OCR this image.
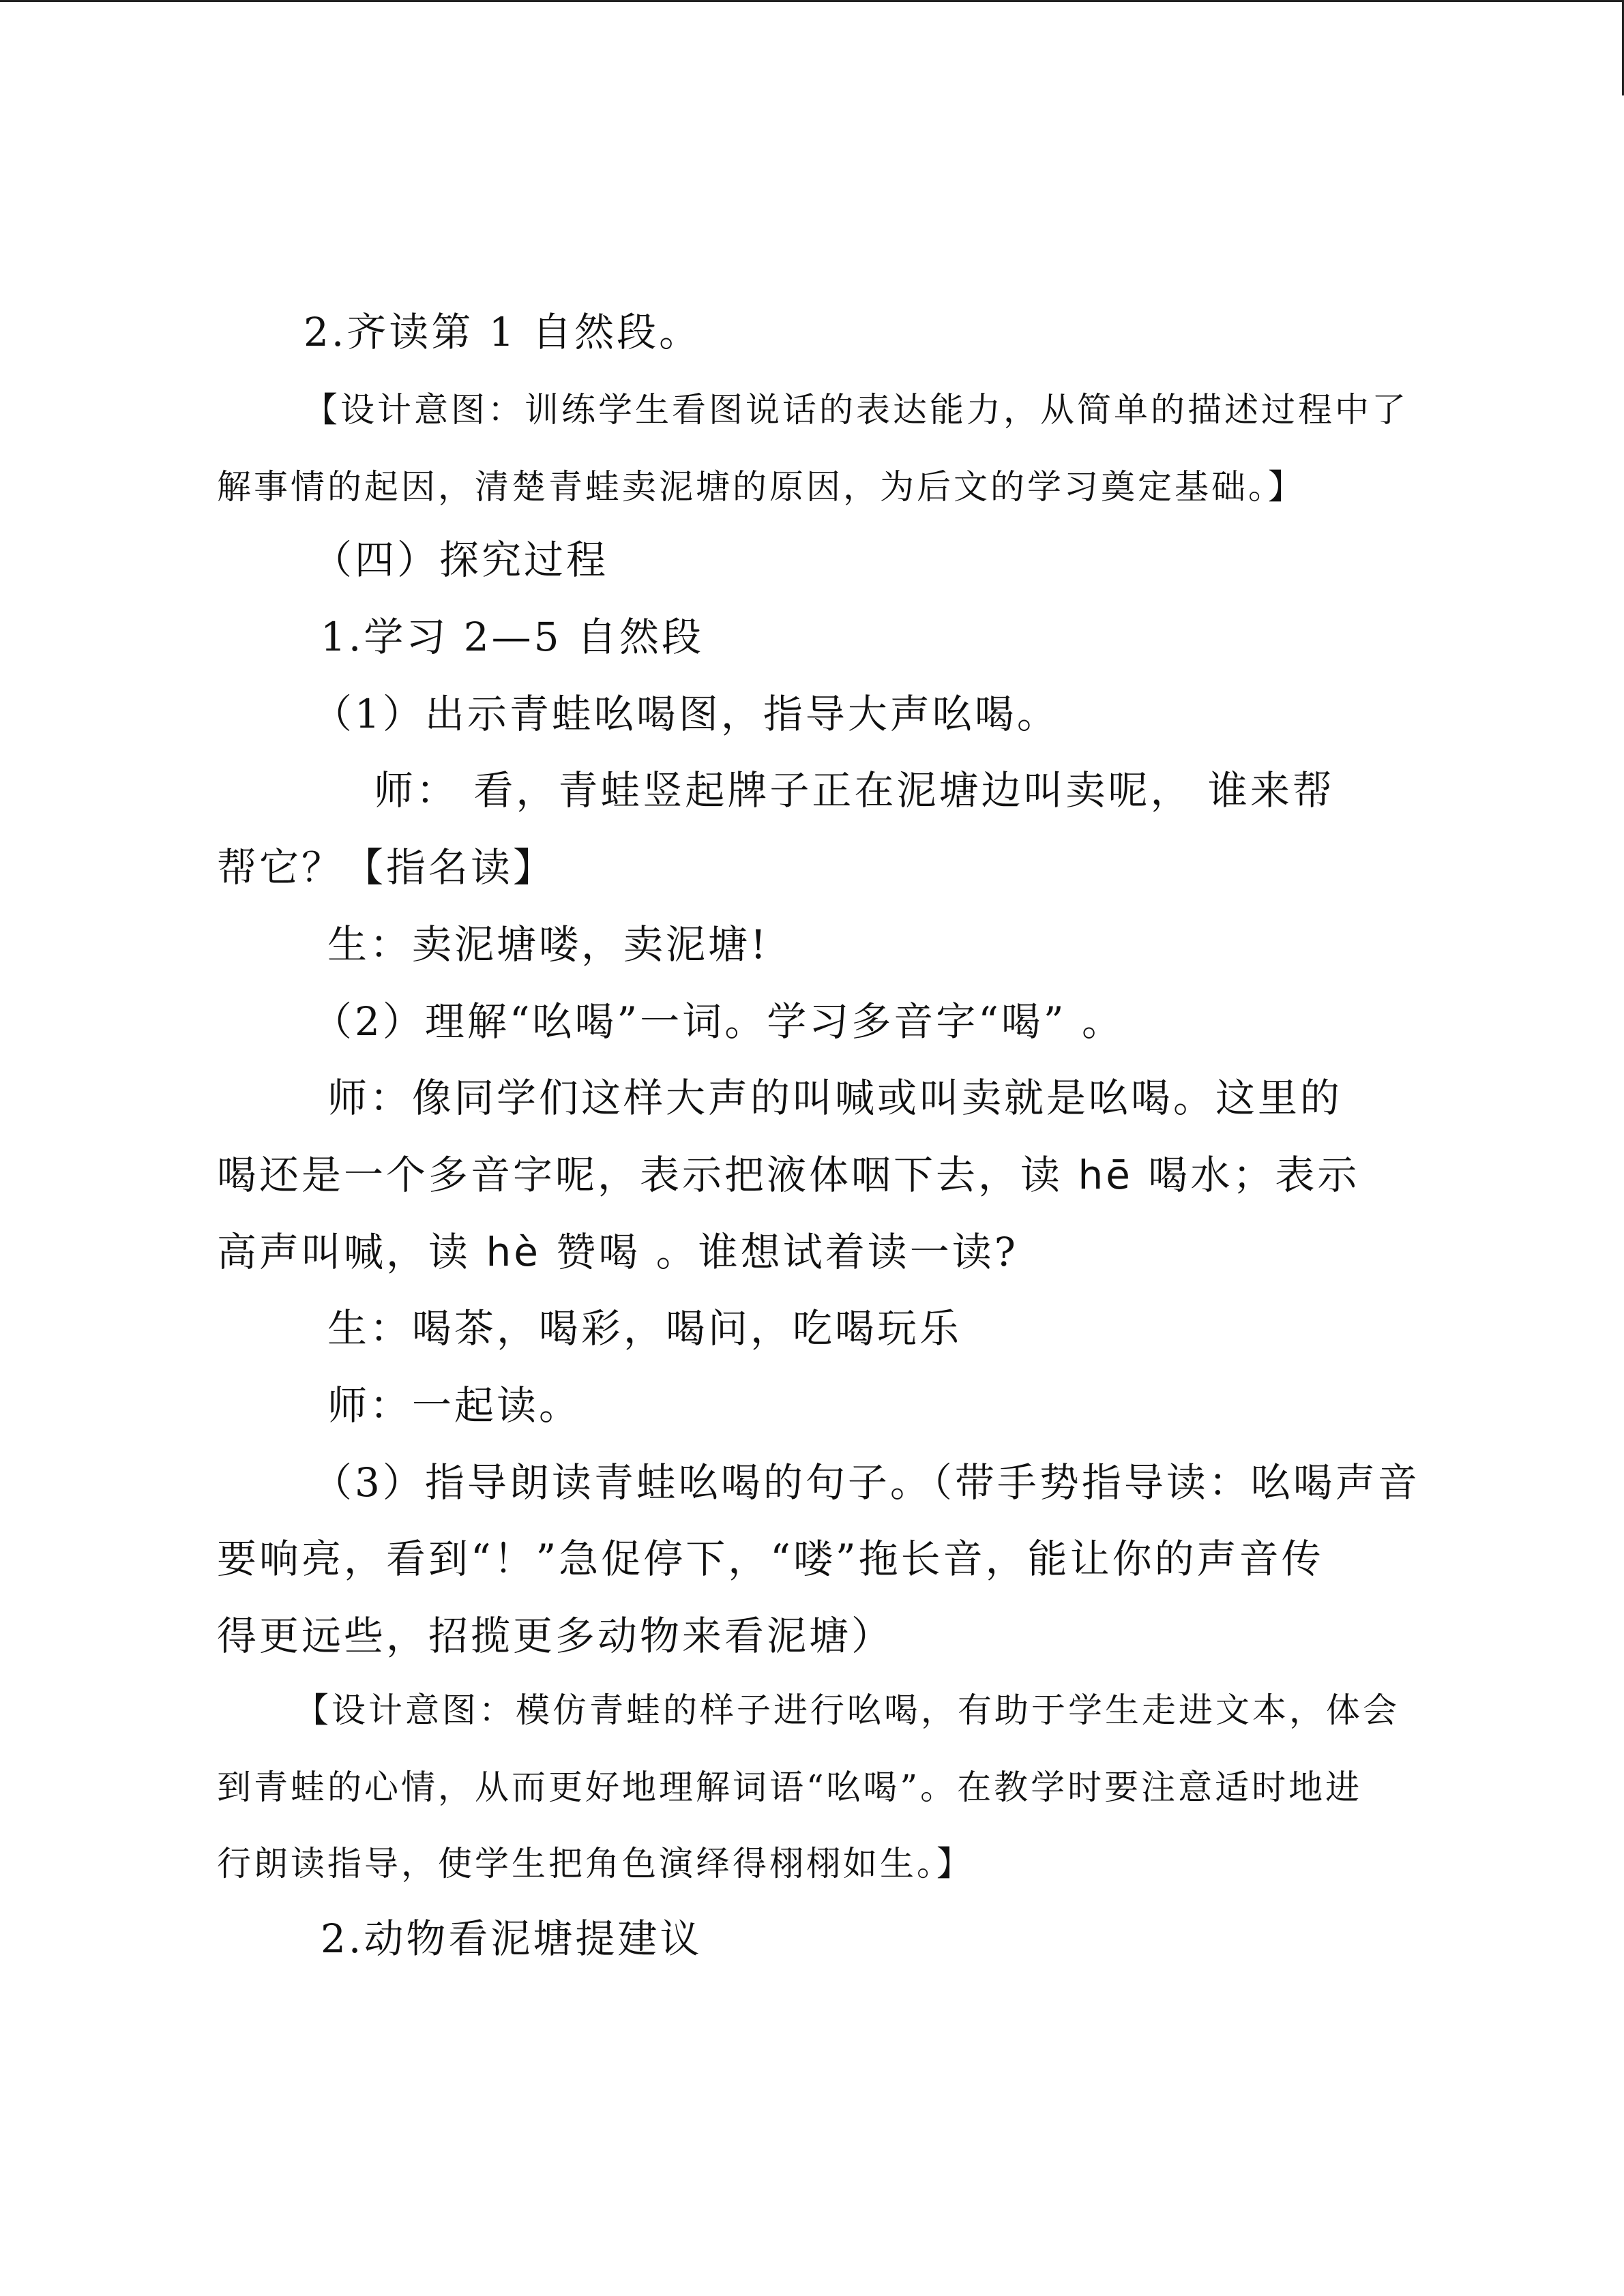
2.齐读第 1 自然段。

【设计意图：训练学生看图说话的表达能力，从简单的描述过程中了

解事情的起因，清楚青蛙卖泥塘的原因，为后文的学习奠定基础。】

（四）探究过程

1.学习 2—5 自然段

（1）出示青蛙吆喝图，指导大声吆喝。

师： 看，青蛙竖起牌子正在泥塘边叫卖呢， 谁来帮

帮它？【指名读】

生：卖泥塘喽，卖泥塘!

（2）理解“吆喝”一词。学习多音字“喝” 。

师：像同学们这样大声的叫喊或叫卖就是吆喝。这里的

喝还是一个多音字呢，表示把液体咽下去，读 hē 喝水；表示

高声叫喊，读 hè 赞喝 。谁想试着读一读?

生：喝茶，喝彩，喝问，吃喝玩乐

师：一起读。

（3）指导朗读青蛙吆喝的句子。（带手势指导读：吆喝声音

要响亮，看到“！”急促停下，“喽”拖长音，能让你的声音传

得更远些，招揽更多动物来看泥塘）

【设计意图：模仿青蛙的样子进行吆喝，有助于学生走进文本，体会

到青蛙的心情，从而更好地理解词语“吆喝”。在教学时要注意适时地进

行朗读指导，使学生把角色演绎得栩栩如生。】

2.动物看泥塘提建议
